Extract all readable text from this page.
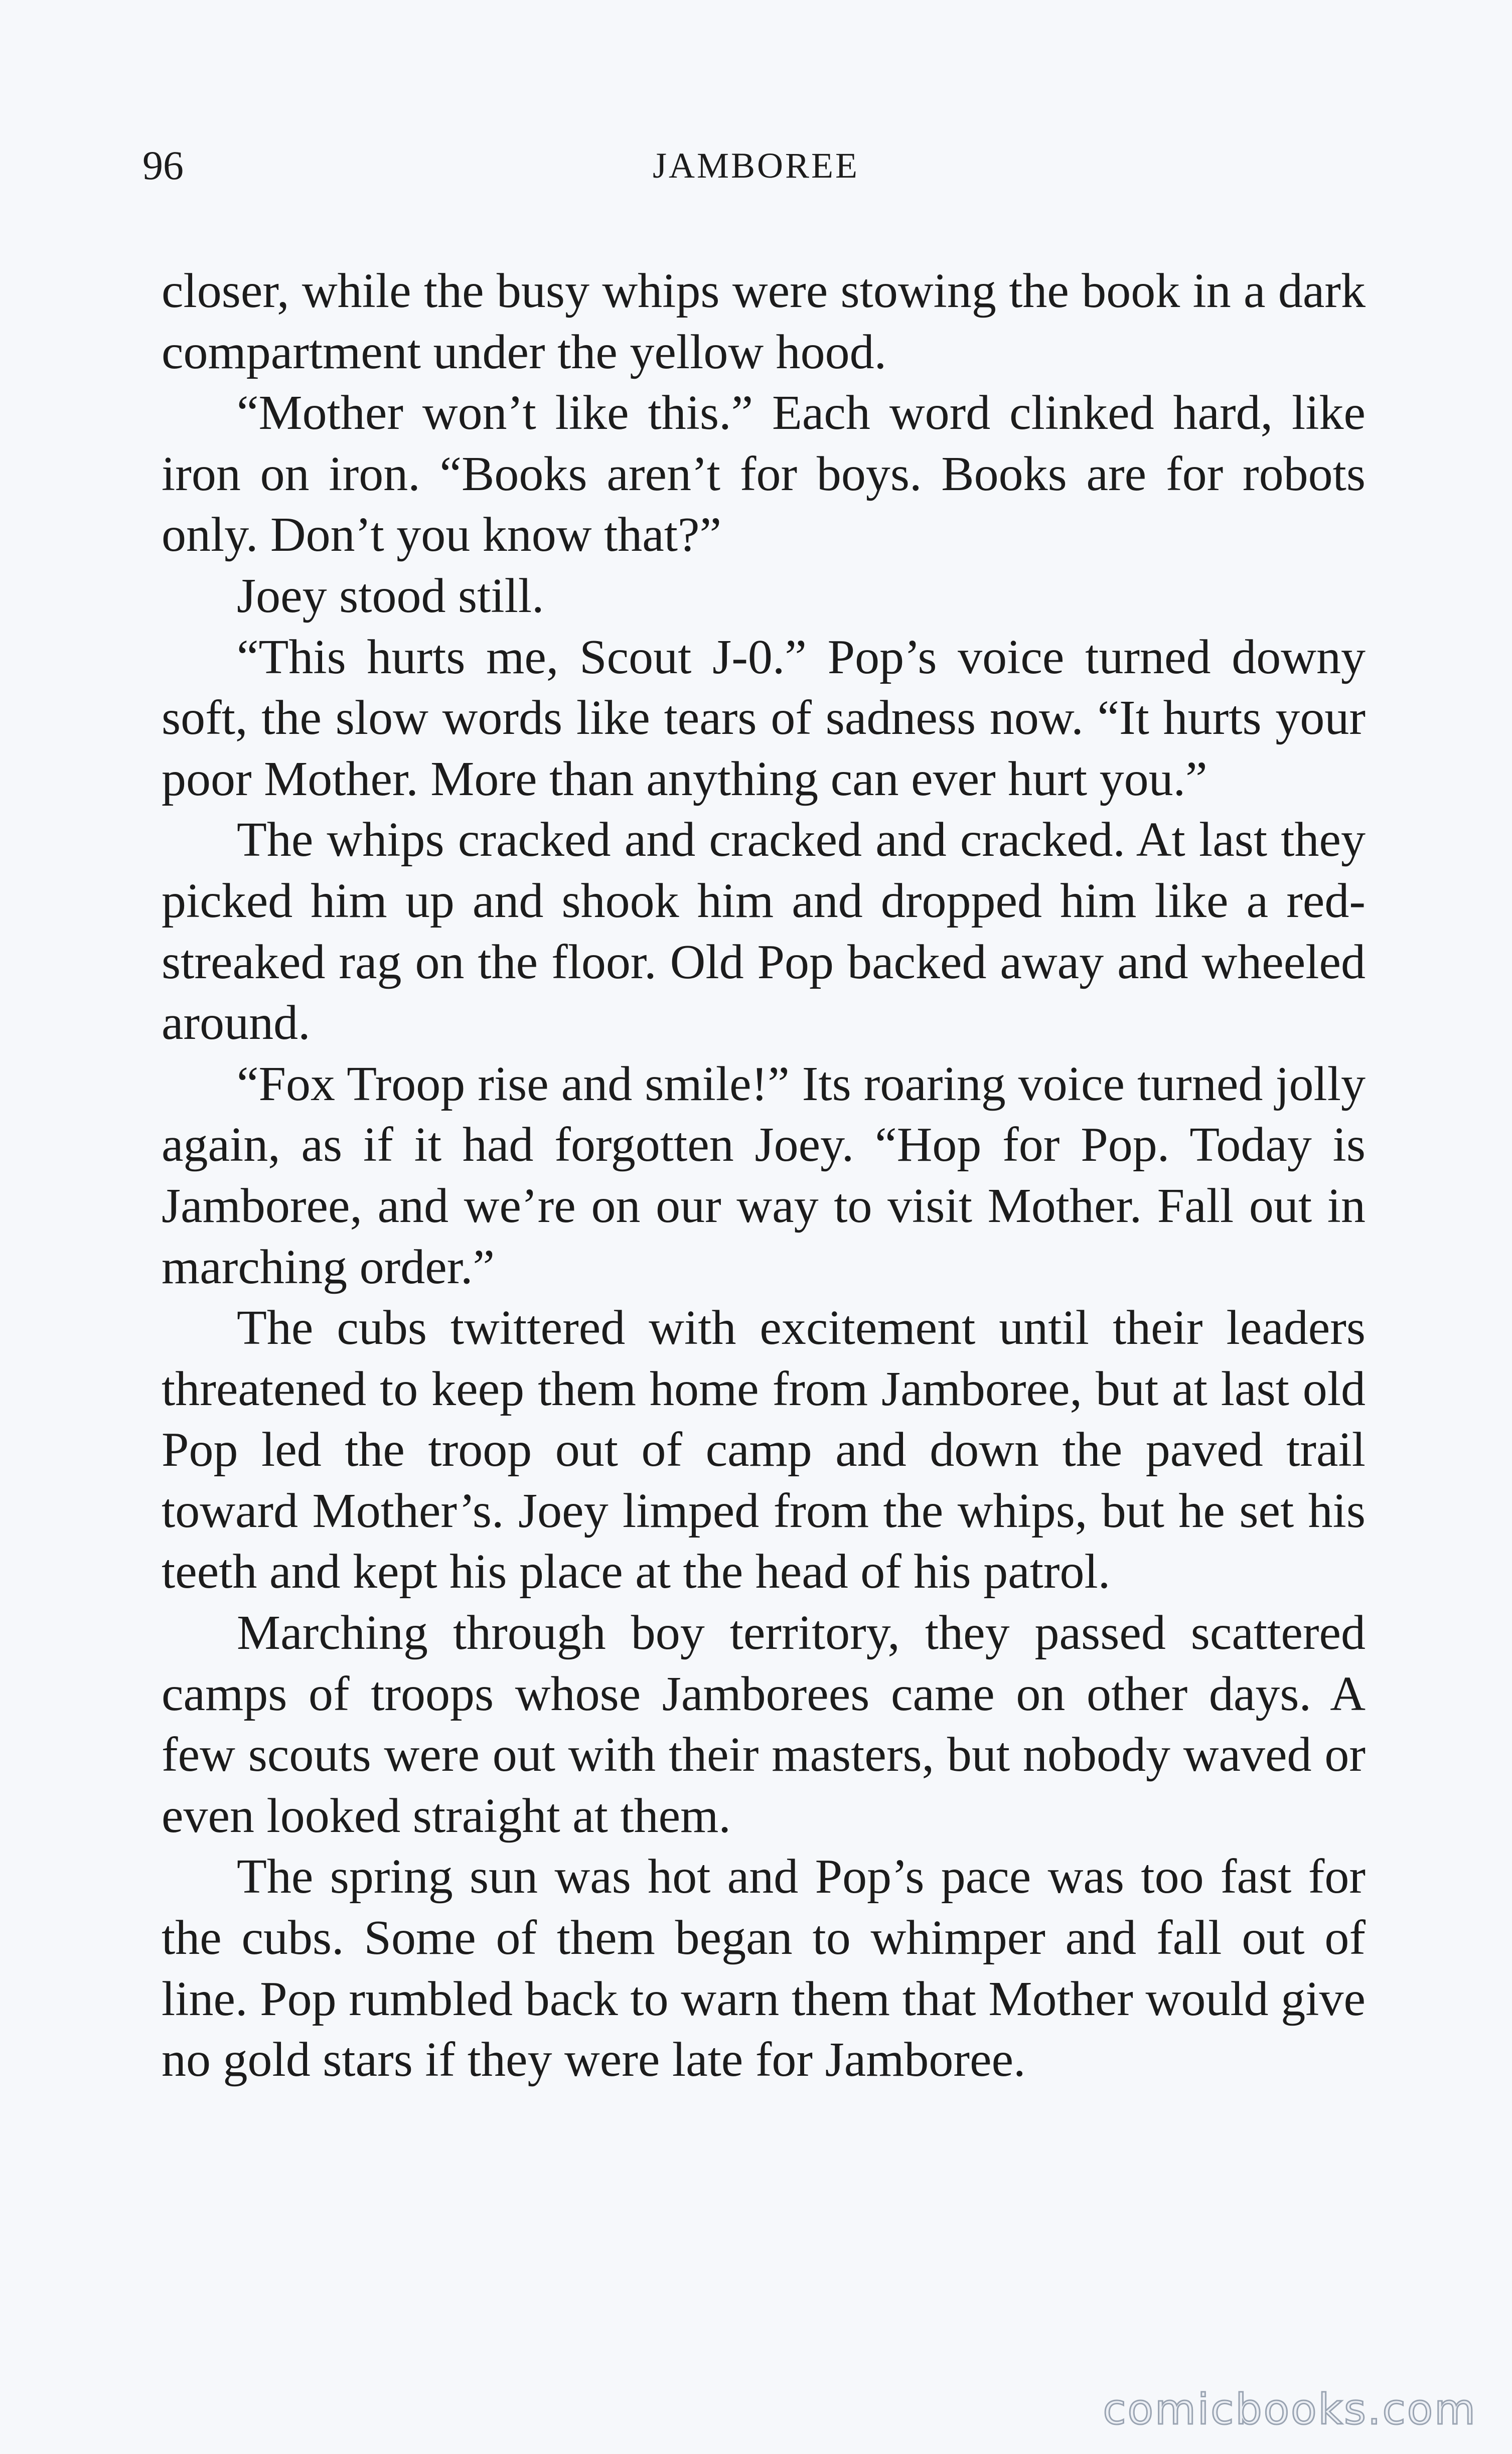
96	JAMBOREE

closer, while the busy whips were stowing the book in a dark compartment under the yellow hood.

“Mother won’t like this.” Each word clinked hard, like iron on iron. “Books aren’t for boys. Books are for robots only. Don’t you know that?”

Joey stood still.

“This hurts me, Scout J-0.” Pop’s voice turned downy soft, the slow words like tears of sadness now. “It hurts your poor Mother. More than anything can ever hurt you.”

The whips cracked and cracked and cracked. At last they picked him up and shook him and dropped him like a red-streaked rag on the floor. Old Pop backed away and wheeled around.

“Fox Troop rise and smile!” Its roaring voice turned jolly again, as if it had forgotten Joey. “Hop for Pop. Today is Jamboree, and we’re on our way to visit Mother. Fall out in marching order.”

The cubs twittered with excitement until their leaders threatened to keep them home from Jamboree, but at last old Pop led the troop out of camp and down the paved trail toward Mother’s. Joey limped from the whips, but he set his teeth and kept his place at the head of his patrol.

Marching through boy territory, they passed scattered camps of troops whose Jamborees came on other days. A few scouts were out with their masters, but nobody waved or even looked straight at them.

The spring sun was hot and Pop’s pace was too fast for the cubs. Some of them began to whimper and fall out of line. Pop rumbled back to warn them that Mother would give no gold stars if they were late for Jamboree.

comicbooks.com
